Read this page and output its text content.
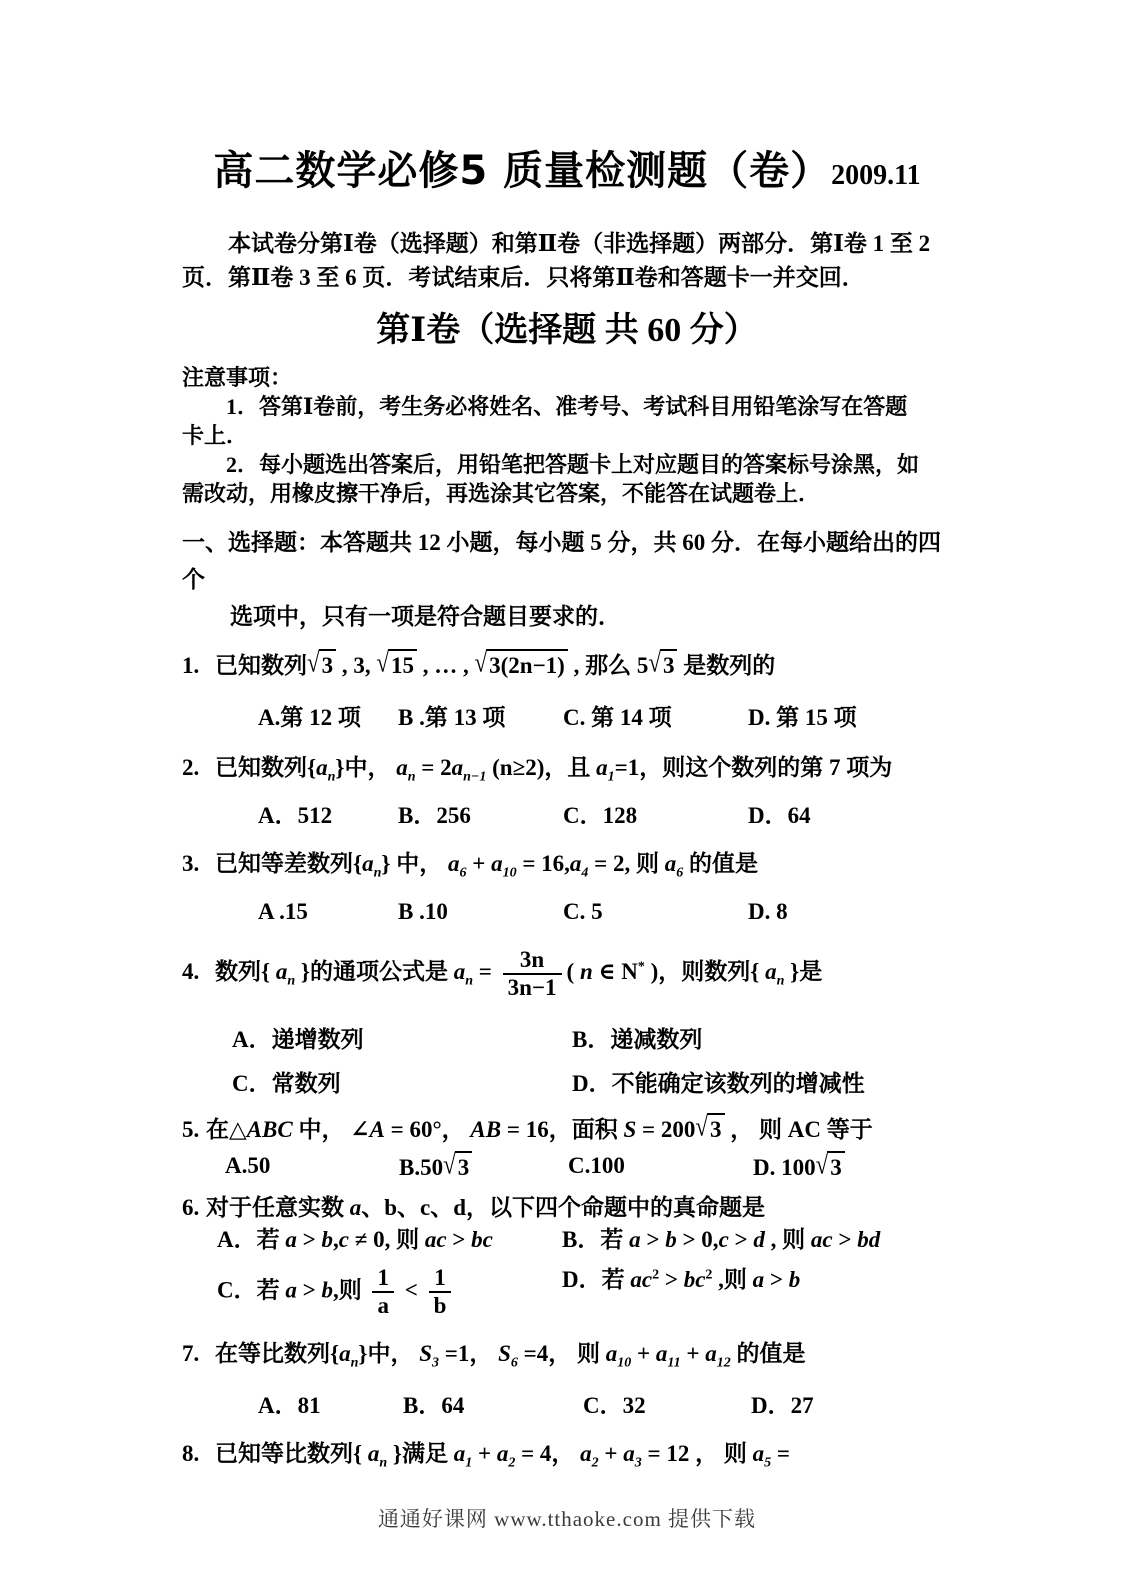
高二数学必修5 质量检测题（卷）2009.11
本试卷分第Ⅰ卷（选择题）和第Ⅱ卷（非选择题）两部分．第Ⅰ卷 1 至 2
页．第Ⅱ卷 3 至 6 页．考试结束后．只将第Ⅱ卷和答题卡一并交回．
第Ⅰ卷（选择题 共 60 分）
注意事项：
1．答第Ⅰ卷前，考生务必将姓名、准考号、考试科目用铅笔涂写在答题
卡上．
2．每小题选出答案后，用铅笔把答题卡上对应题目的答案标号涂黑，如
需改动，用橡皮擦干净后，再选涂其它答案，不能答在试题卷上．
一、选择题：本答题共 12 小题，每小题 5 分，共 60 分．在每小题给出的四个
选项中，只有一项是符合题目要求的．
1. 已知数列√3 , 3, √15 , … , √3(2n−1) , 那么 5√3 是数列的
A.第 12 项	B .第 13 项	C. 第 14 项	D. 第 15 项
2. 已知数列$\{a_n\}$中， $a_n = 2a_{n-1}$ (n≥2)，且 $a_1=1$，则这个数列的第 7 项为
A．512	B．256	C．128	D．64
3. 已知等差数列$\{a_n\}$ 中， $a_6 + a_{10} = 16,a_4 = 2$, 则 $a_6$ 的值是
A .15	B .10	C. 5	D. 8
4. 数列{ $a_n$ }的通项公式是 $a_n = \frac{3n}{3n-1}$ ( n ∈ N* )，则数列{ $a_n$ }是
A．递增数列	B．递减数列
C．常数列	D．不能确定该数列的增减性
5. 在△ABC 中， ∠A = 60°， AB = 16，面积 S = 200√3 ， 则 AC 等于
A.50	B.50√3	C.100	D. 100√3
6. 对于任意实数 a、b、c、d，以下四个命题中的真命题是
A．若 a > b,c ≠ 0, 则 ac > bc	B．若 a > b > 0,c > d , 则 ac > bd
C．若 a > b,则 $\frac{1}{a} < \frac{1}{b}$	D．若 $ac^2 > bc^2$ ,则 a > b
7. 在等比数列$\{a_n\}$中， $S_3 =1$， $S_6 =4$， 则 $a_{10} + a_{11} + a_{12}$ 的值是
A．81	B．64	C．32	D．27
8. 已知等比数列{ $a_n$ }满足 $a_1 + a_2 = 4$， $a_2 + a_3 = 12$ ， 则 $a_5$ =
通通好课网 www.tthaoke.com 提供下载
